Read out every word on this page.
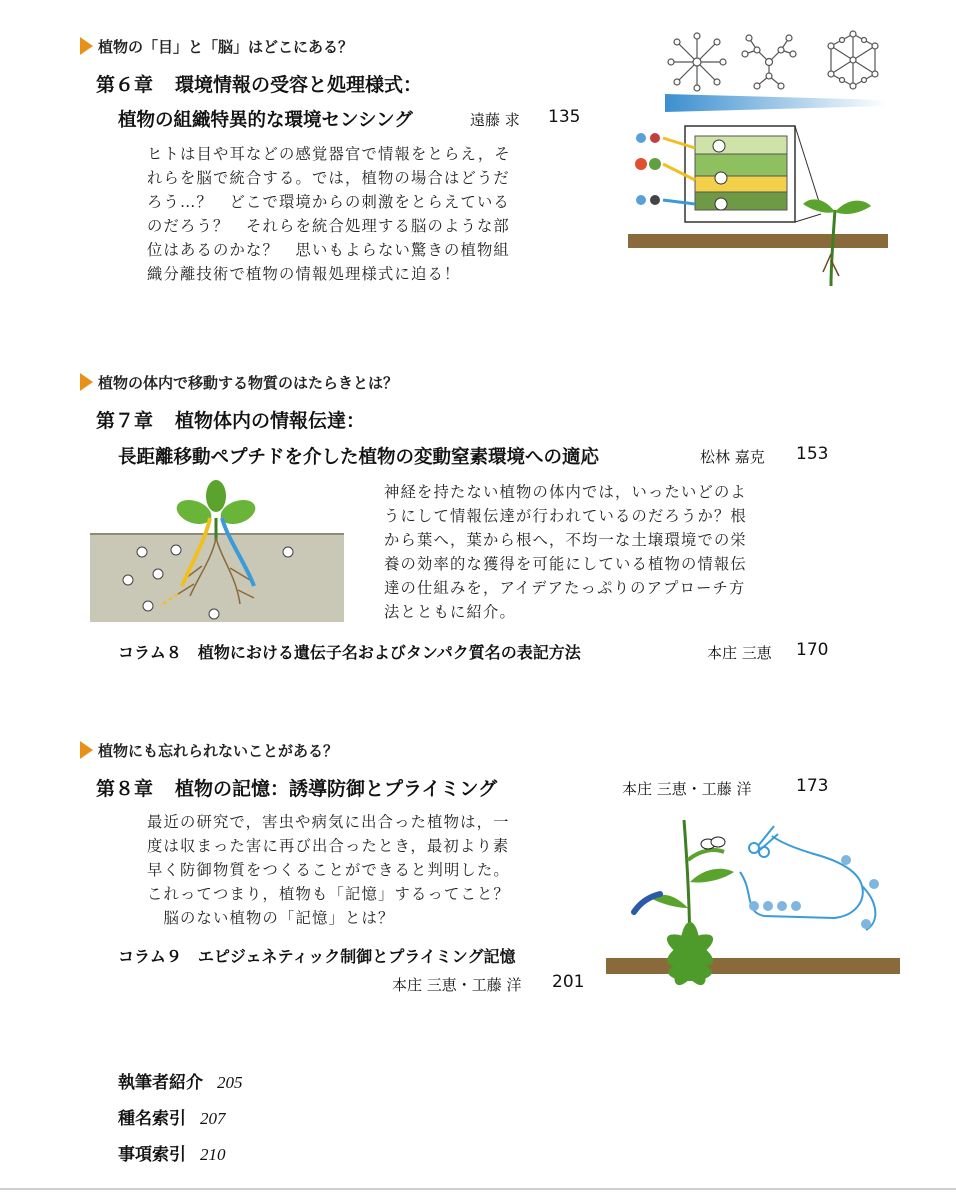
植物の「目」と「脳」はどこにある？
第６章 環境情報の受容と処理様式：
植物の組織特異的な環境センシング	遠藤 求 135
ヒトは目や耳などの感覚器官で情報をとらえ，そ
れらを脳で統合する。では，植物の場合はどうだ
ろう…？　どこで環境からの刺激をとらえている
のだろう？　それらを統合処理する脳のような部
位はあるのかな？　思いもよらない驚きの植物組
織分離技術で植物の情報処理様式に迫る！
植物の体内で移動する物質のはたらきとは？
第７章 植物体内の情報伝達：
長距離移動ペプチドを介した植物の変動窒素環境への適応	松林 嘉克 153
神経を持たない植物の体内では，いったいどのよ
うにして情報伝達が行われているのだろうか？根
から葉へ，葉から根へ，不均一な土壌環境での栄
養の効率的な獲得を可能にしている植物の情報伝
達の仕組みを，アイデアたっぷりのアプローチ方
法とともに紹介。
コラム８　植物における遺伝子名およびタンパク質名の表記方法	本庄 三恵 170
植物にも忘れられないことがある？
第８章 植物の記憶：誘導防御とプライミング	本庄 三恵・工藤 洋	173
最近の研究で，害虫や病気に出合った植物は，一
度は収まった害に再び出合ったとき，最初より素
早く防御物質をつくることができると判明した。
これってつまり，植物も「記憶」するってこと？
　脳のない植物の「記憶」とは？
コラム９　エピジェネティック制御とプライミング記憶
本庄 三恵・工藤 洋 201
執筆者紹介 205
種名索引 207
事項索引 210
